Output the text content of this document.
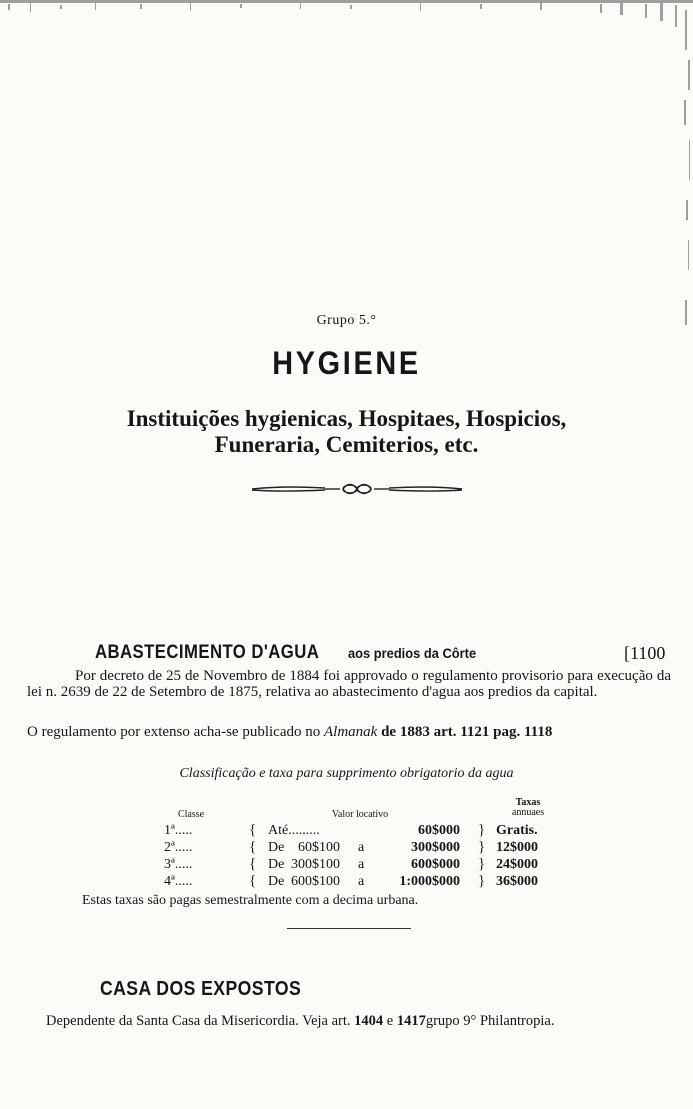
Grupo 5.°
HYGIENE
Instituições hygienicas, Hospitaes, Hospicios,
Funeraria, Cemiterios, etc.
ABASTECIMENTO D'AGUA aos predios da Côrte	[1100
Por decreto de 25 de Novembro de 1884 foi approvado o regulamento provisorio para execução da lei n. 2639 de 22 de Setembro de 1875, relativa ao abastecimento d'agua aos predios da capital.
O regulamento por extenso acha-se publicado no Almanak de 1883 art. 1121 pag. 1118
Classificação e taxa para supprimento obrigatorio da agua
Classe	Valor locativo
Taxas
annuaes
1ª.....	{ Até.........	60$000 } Gratis.
2ª.....	{ De 60$100 a	300$000 } 12$000
3ª.....	{ De 300$100 a	600$000 } 24$000
4ª.....	{ De 600$100 a	1:000$000 } 36$000
Estas taxas são pagas semestralmente com a decima urbana.
CASA DOS EXPOSTOS
Dependente da Santa Casa da Misericordia. Veja art. 1404 e 1417grupo 9° Philantropia.
